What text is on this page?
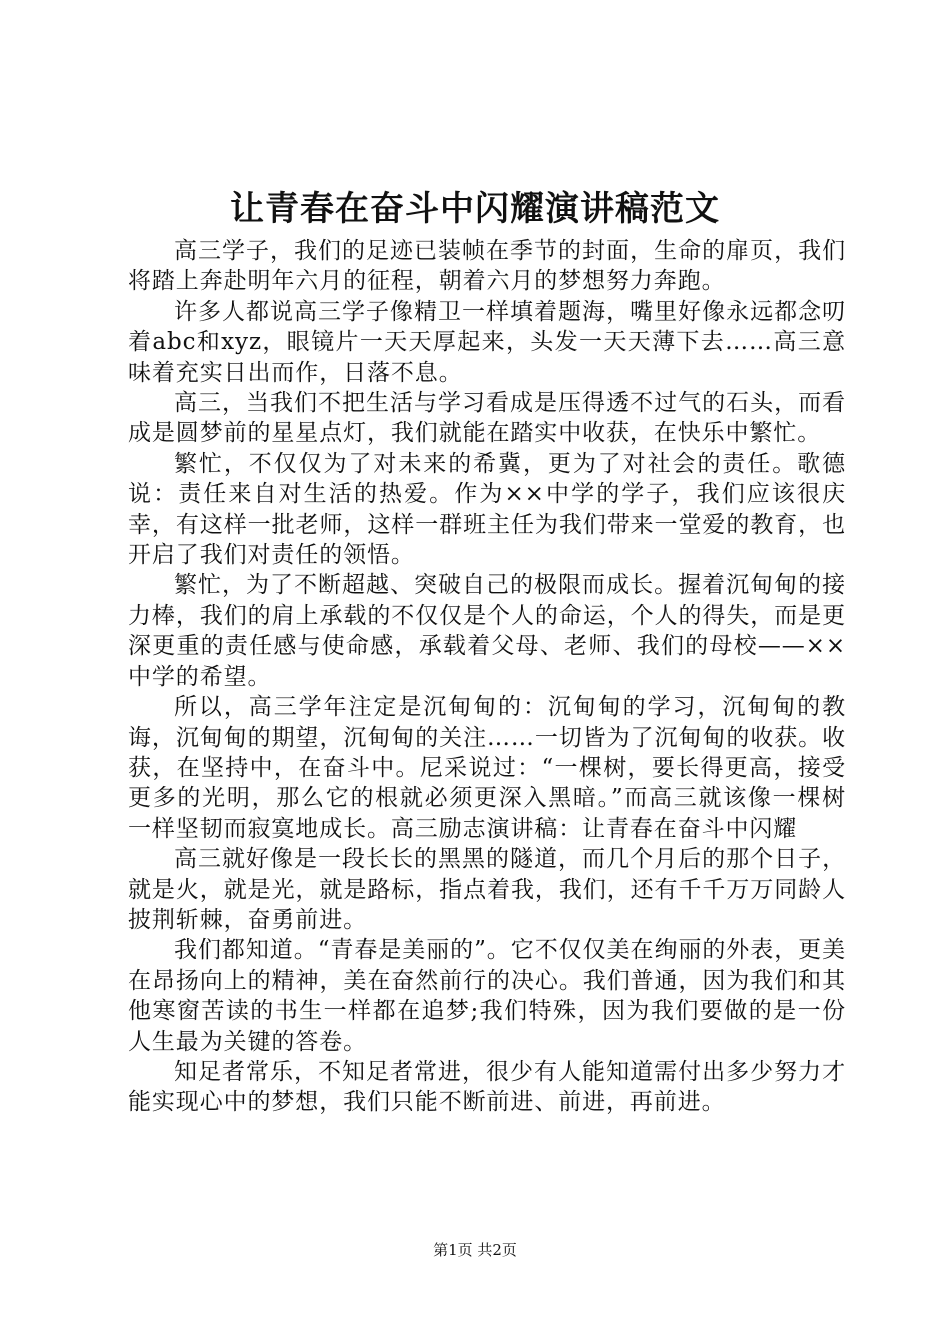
让青春在奋斗中闪耀演讲稿范文

高三学子，我们的足迹已装帧在季节的封面，生命的扉页，我们将踏上奔赴明年六月的征程，朝着六月的梦想努力奔跑。

许多人都说高三学子像精卫一样填着题海，嘴里好像永远都念叨着abc和xyz，眼镜片一天天厚起来，头发一天天薄下去……高三意味着充实日出而作，日落不息。

高三，当我们不把生活与学习看成是压得透不过气的石头，而看成是圆梦前的星星点灯，我们就能在踏实中收获，在快乐中繁忙。

繁忙，不仅仅为了对未来的希冀，更为了对社会的责任。歌德说：责任来自对生活的热爱。作为××中学的学子，我们应该很庆幸，有这样一批老师，这样一群班主任为我们带来一堂爱的教育，也开启了我们对责任的领悟。

繁忙，为了不断超越、突破自己的极限而成长。握着沉甸甸的接力棒，我们的肩上承载的不仅仅是个人的命运，个人的得失，而是更深更重的责任感与使命感，承载着父母、老师、我们的母校——××中学的希望。

所以，高三学年注定是沉甸甸的：沉甸甸的学习，沉甸甸的教诲，沉甸甸的期望，沉甸甸的关注……一切皆为了沉甸甸的收获。收获，在坚持中，在奋斗中。尼采说过：“一棵树，要长得更高，接受更多的光明，那么它的根就必须更深入黑暗。”而高三就该像一棵树一样坚韧而寂寞地成长。高三励志演讲稿：让青春在奋斗中闪耀

高三就好像是一段长长的黑黑的隧道，而几个月后的那个日子，就是火，就是光，就是路标，指点着我，我们，还有千千万万同龄人披荆斩棘，奋勇前进。

我们都知道。“青春是美丽的”。它不仅仅美在绚丽的外表，更美在昂扬向上的精神，美在奋然前行的决心。我们普通，因为我们和其他寒窗苦读的书生一样都在追梦;我们特殊，因为我们要做的是一份人生最为关键的答卷。

知足者常乐，不知足者常进，很少有人能知道需付出多少努力才能实现心中的梦想，我们只能不断前进、前进，再前进。

第1页 共2页
